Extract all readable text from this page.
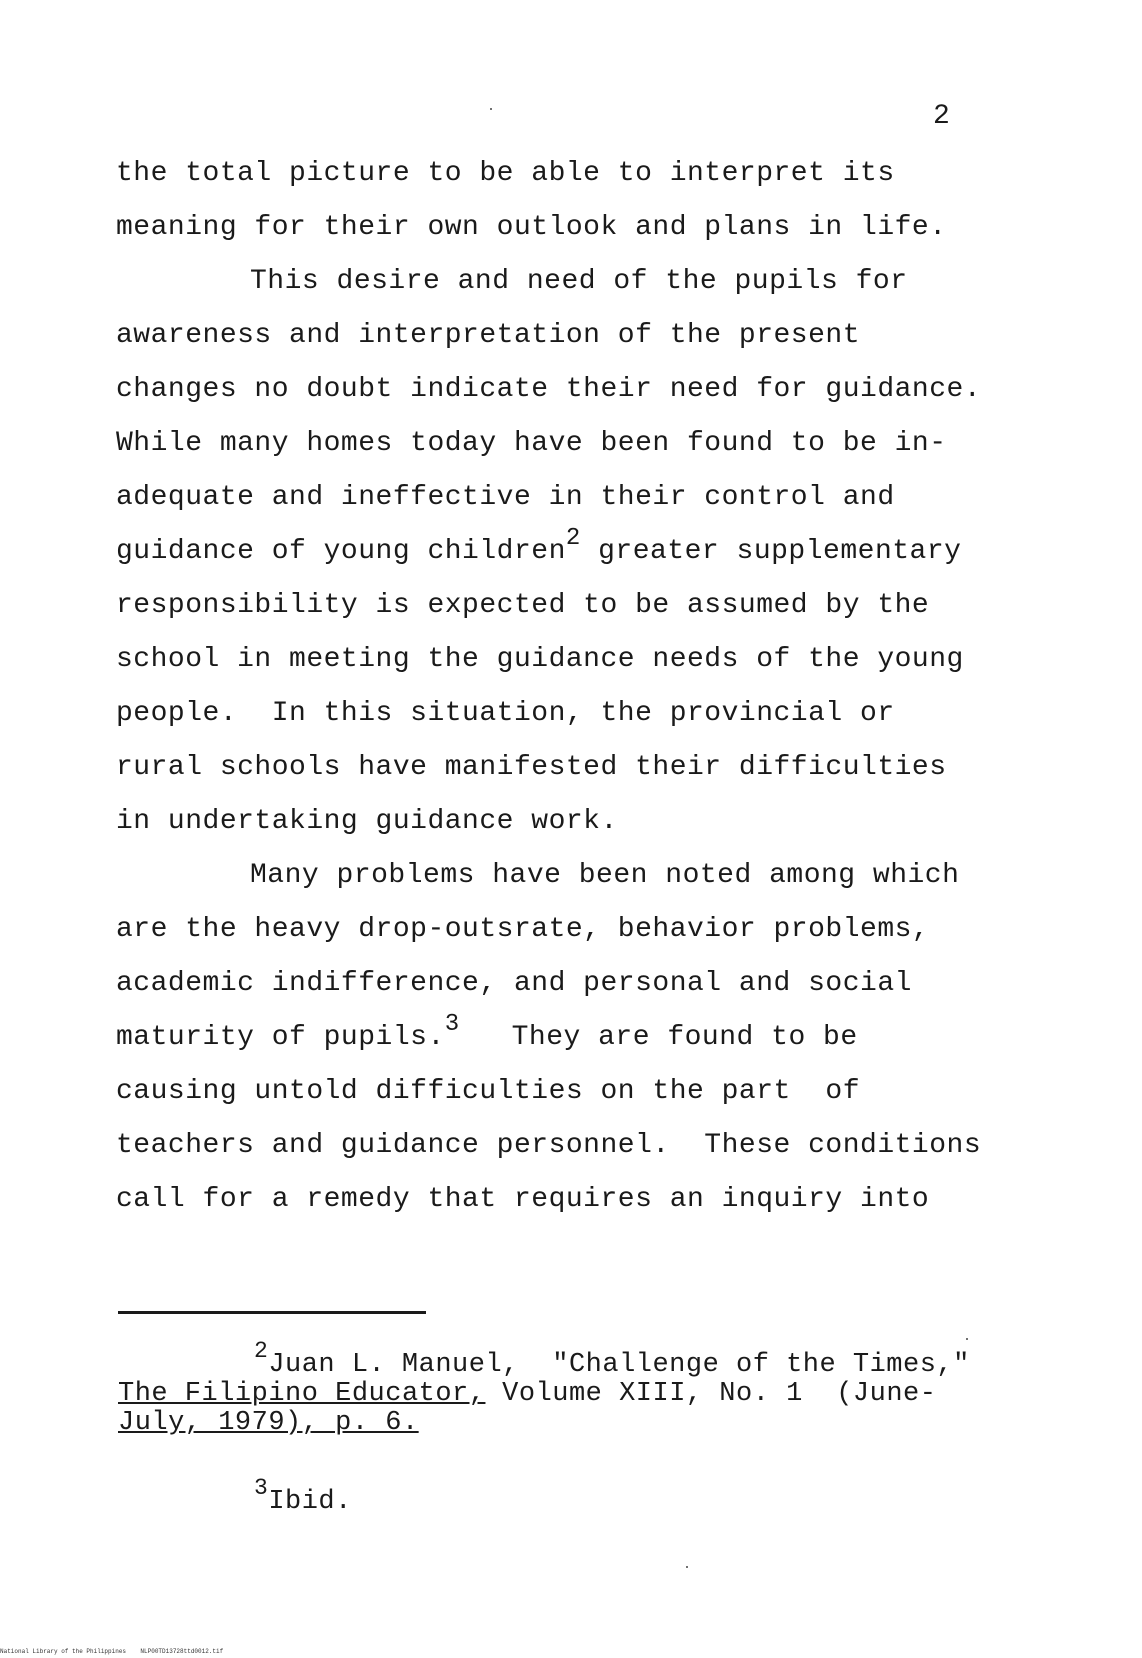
2
the total picture to be able to interpret its
meaning for their own outlook and plans in life.
This desire and need of the pupils for
awareness and interpretation of the present
changes no doubt indicate their need for guidance.
While many homes today have been found to be in-
adequate and ineffective in their control and
guidance of young children$^2$ greater supplementary
responsibility is expected to be assumed by the
school in meeting the guidance needs of the young
people.  In this situation, the provincial or
rural schools have manifested their difficulties
in undertaking guidance work.
Many problems have been noted among which
are the heavy drop-outsrate, behavior problems,
academic indifference, and personal and social
maturity of pupils.$^3$ They are found to be
causing untold difficulties on the part  of
teachers and guidance personnel.  These conditions
call for a remedy that requires an inquiry into
2Juan L. Manuel,  "Challenge of the Times,"
The Filipino Educator, Volume XIII, No. 1  (June-
July, 1979), p. 6.
3Ibid.
National Library of the Philippines    NLP00TD13728ttd0012.tif
